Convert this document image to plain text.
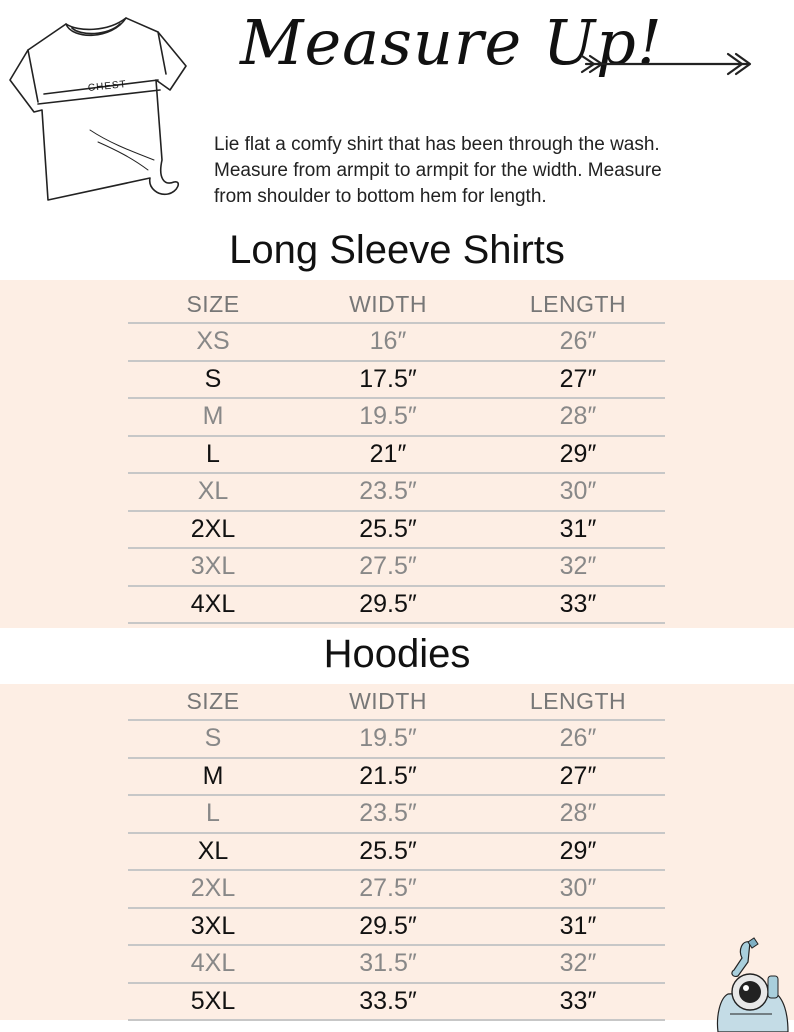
CHEST
Measure Up!
Lie flat a comfy shirt that has been through the wash.
Measure from armpit to armpit for the width. Measure
from shoulder to bottom hem for length.
Long Sleeve Shirts
SIZE	WIDTH	LENGTH
XS	16″	26″
S	17.5″	27″
M	19.5″	28″
L	21″	29″
XL	23.5″	30″
2XL	25.5″	31″
3XL	27.5″	32″
4XL	29.5″	33″
Hoodies
SIZE	WIDTH	LENGTH
S	19.5″	26″
M	21.5″	27″
L	23.5″	28″
XL	25.5″	29″
2XL	27.5″	30″
3XL	29.5″	31″
4XL	31.5″	32″
5XL	33.5″	33″
